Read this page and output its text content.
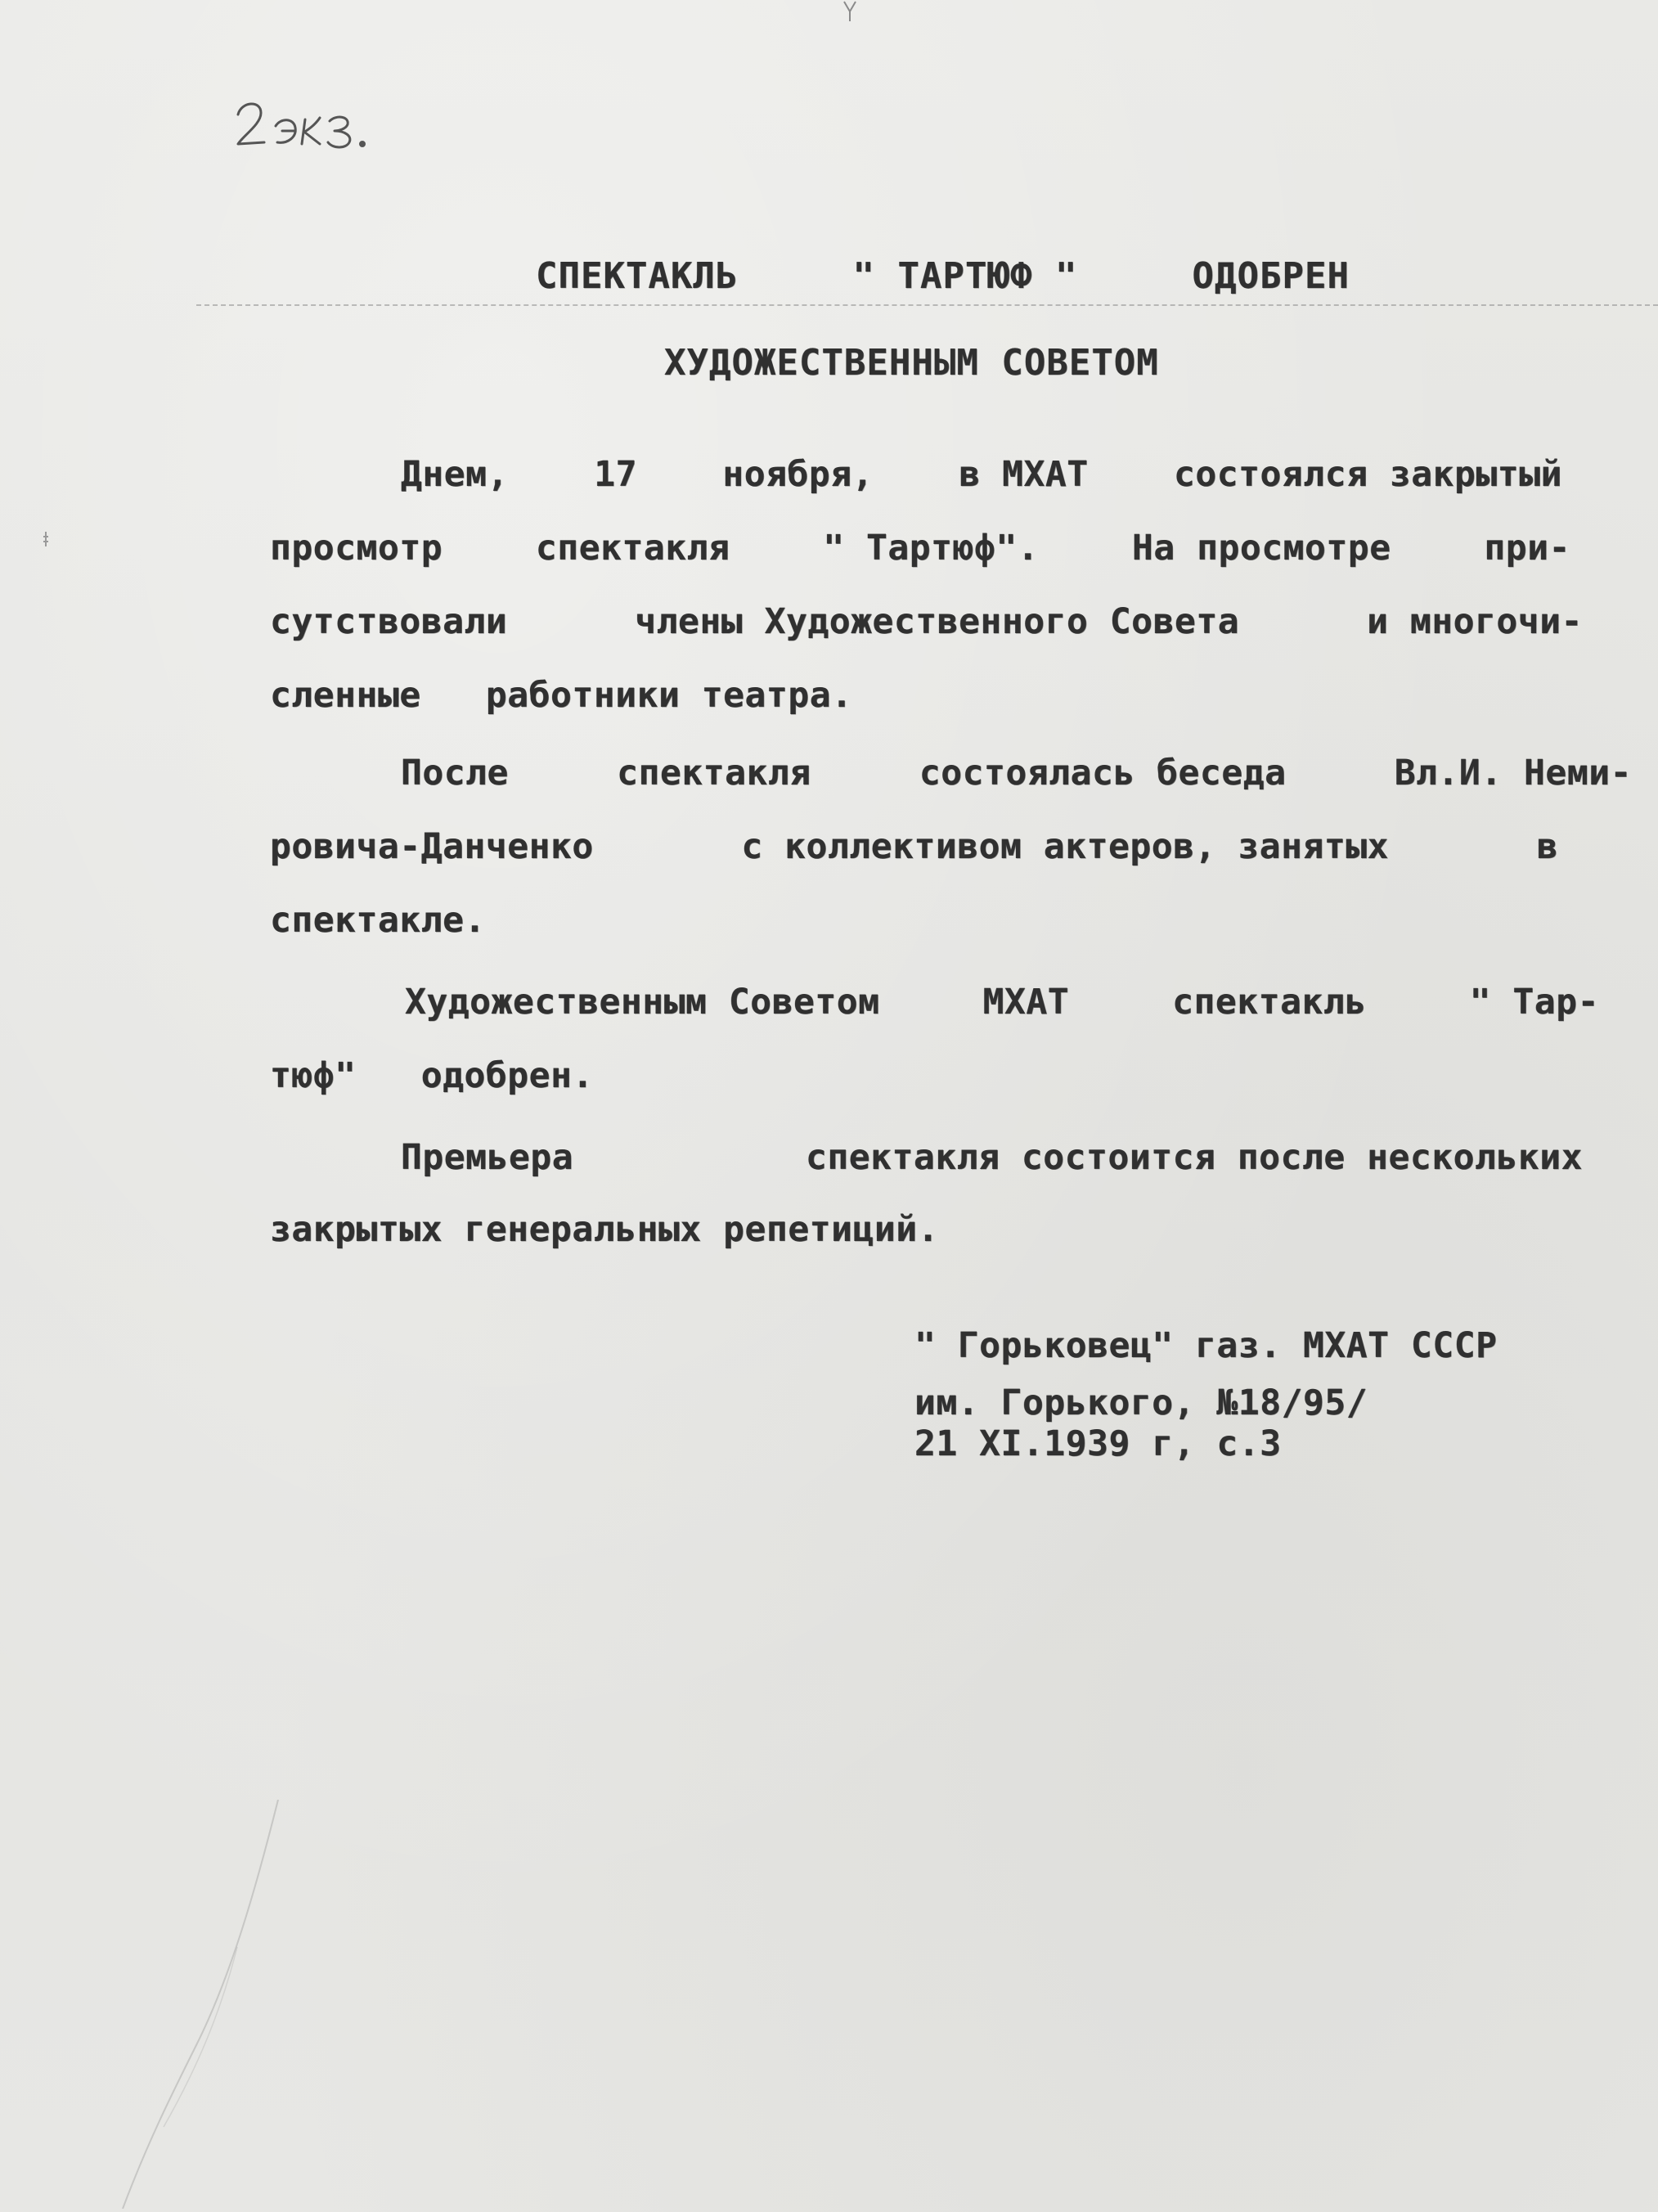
СПЕКТАКЛЬ	" ТАРТЮФ "	ОДОБРЕН
ХУДОЖЕСТВЕННЫМ СОВЕТОМ
Днем, 17 ноября, в МХАТ состоялся закрытый
просмотр	спектакля	" Тартюф".	На просмотре	при-
сутствовали	члены Художественного Совета	и многочи-
сленные работники театра.
После	спектакля	состоялась беседа	Вл.И. Неми-
ровича-Данченко	с коллективом актеров, занятых	в
спектакле.
Художественным Советом	МХАТ	спектакль	" Тар-
тюф" одобрен.
Премьера	спектакля состоится после нескольких
закрытых генеральных репетиций.
" Горьковец" газ. МХАТ СССР
им. Горького, №18/95/
21 XI.1939 г, с.3
